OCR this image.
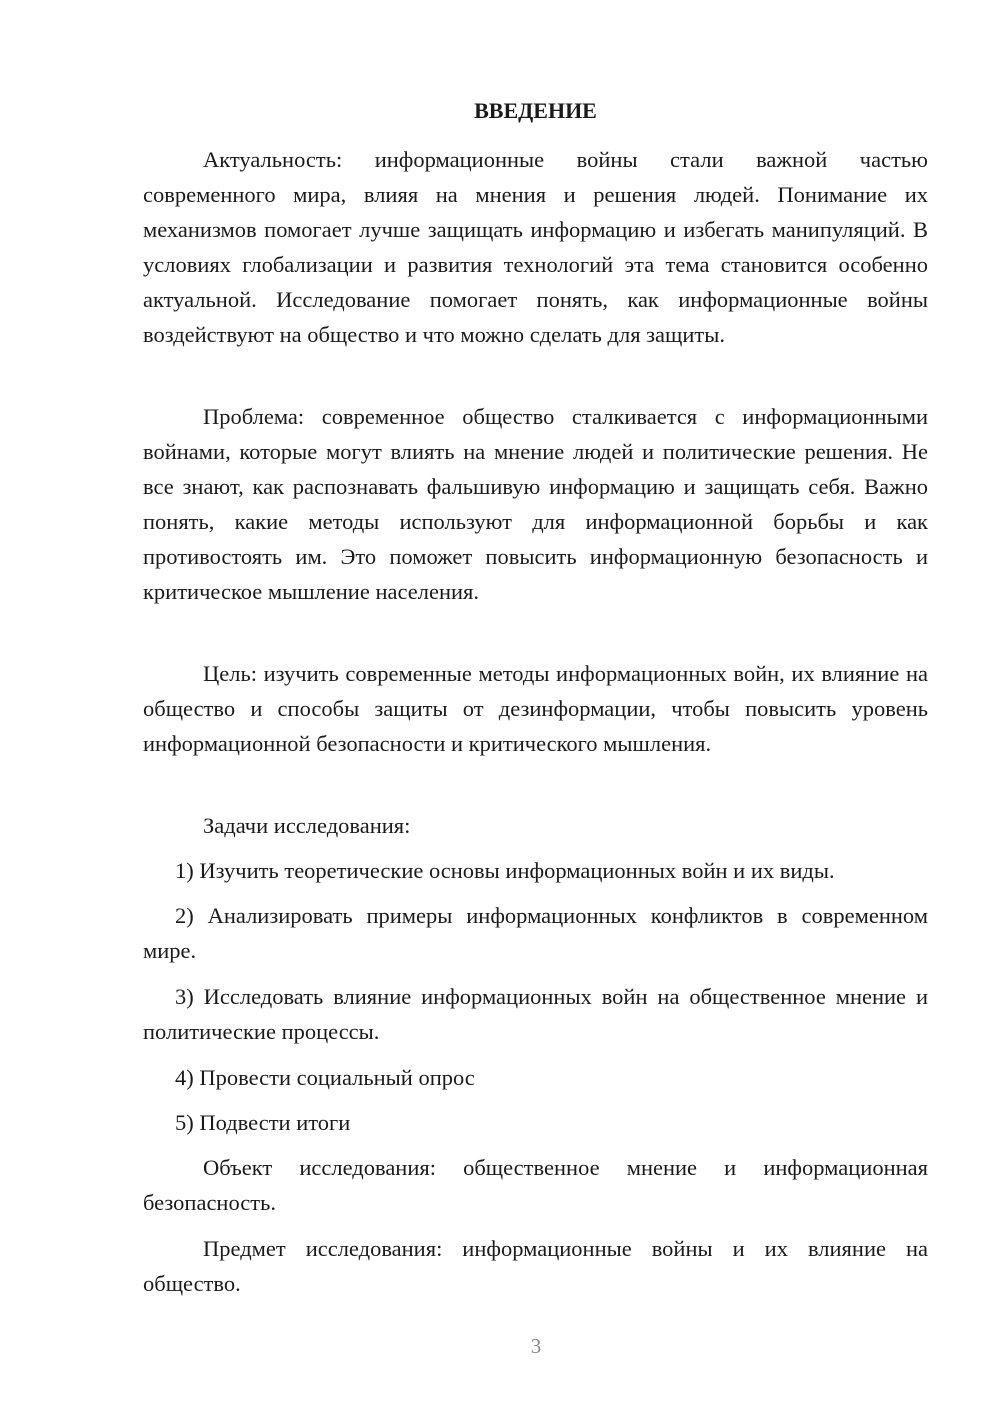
ВВЕДЕНИЕ

Актуальность: информационные войны стали важной частью современного мира, влияя на мнения и решения людей. Понимание их механизмов помогает лучше защищать информацию и избегать манипуляций. В условиях глобализации и развития технологий эта тема становится особенно актуальной. Исследование помогает понять, как информационные войны воздействуют на общество и что можно сделать для защиты.

Проблема: современное общество сталкивается с информационными войнами, которые могут влиять на мнение людей и политические решения. Не все знают, как распознавать фальшивую информацию и защищать себя. Важно понять, какие методы используют для информационной борьбы и как противостоять им. Это поможет повысить информационную безопасность и критическое мышление населения.

Цель: изучить современные методы информационных войн, их влияние на общество и способы защиты от дезинформации, чтобы повысить уровень информационной безопасности и критического мышления.

Задачи исследования:

1) Изучить теоретические основы информационных войн и их виды.

2) Анализировать примеры информационных конфликтов в современном мире.

3) Исследовать влияние информационных войн на общественное мнение и политические процессы.

4) Провести социальный опрос

5) Подвести итоги

Объект исследования: общественное мнение и информационная безопасность.

Предмет исследования: информационные войны и их влияние на общество.

3
